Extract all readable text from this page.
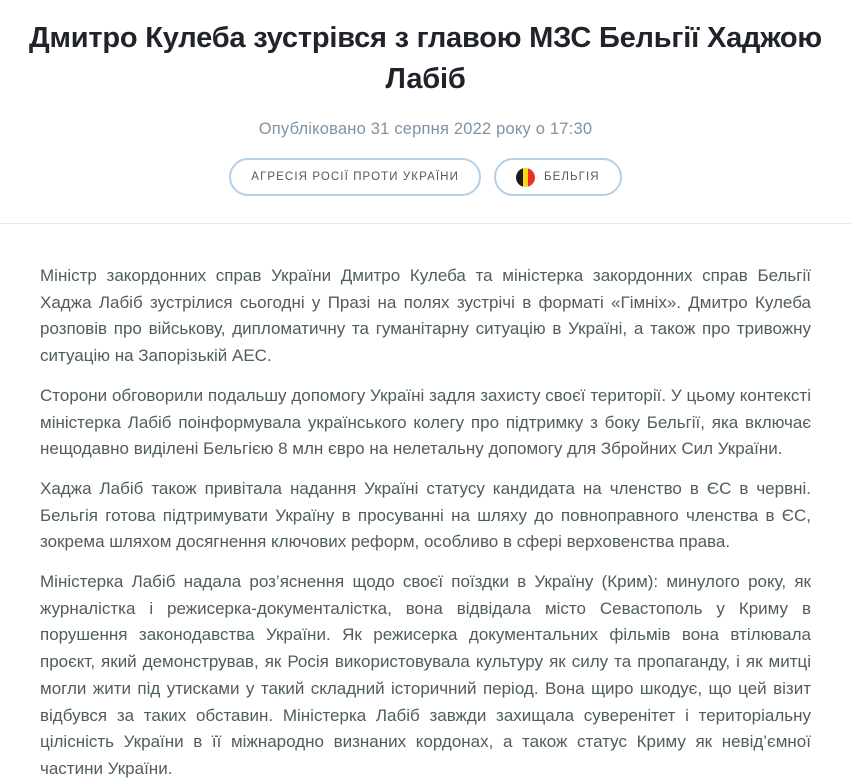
Дмитро Кулеба зустрівся з главою МЗС Бельгії Хаджою Лабіб
Опубліковано 31 серпня 2022 року о 17:30
АГРЕСІЯ РОСІЇ ПРОТИ УКРАЇНИ	БЕЛЬГІЯ

Міністр закордонних справ України Дмитро Кулеба та міністерка закордонних справ Бельгії Хаджа Лабіб зустрілися сьогодні у Празі на полях зустрічі в форматі «Гімніх». Дмитро Кулеба розповів про військову, дипломатичну та гуманітарну ситуацію в Україні, а також про тривожну ситуацію на Запорізькій АЕС.

Сторони обговорили подальшу допомогу Україні задля захисту своєї території. У цьому контексті міністерка Лабіб поінформувала українського колегу про підтримку з боку Бельгії, яка включає нещодавно виділені Бельгією 8 млн євро на нелетальну допомогу для Збройних Сил України.

Хаджа Лабіб також привітала надання Україні статусу кандидата на членство в ЄС в червні. Бельгія готова підтримувати Україну в просуванні на шляху до повноправного членства в ЄС, зокрема шляхом досягнення ключових реформ, особливо в сфері верховенства права.

Міністерка Лабіб надала роз’яснення щодо своєї поїздки в Україну (Крим): минулого року, як журналістка і режисерка-документалістка, вона відвідала місто Севастополь у Криму в порушення законодавства України. Як режисерка документальних фільмів вона втілювала проєкт, який демонстрував, як Росія використовувала культуру як силу та пропаганду, і як митці могли жити під утисками у такий складний історичний період. Вона щиро шкодує, що цей візит відбувся за таких обставин. Міністерка Лабіб завжди захищала суверенітет і територіальну цілісність України в її міжнародно визнаних кордонах, а також статус Криму як невід’ємної частини України.
